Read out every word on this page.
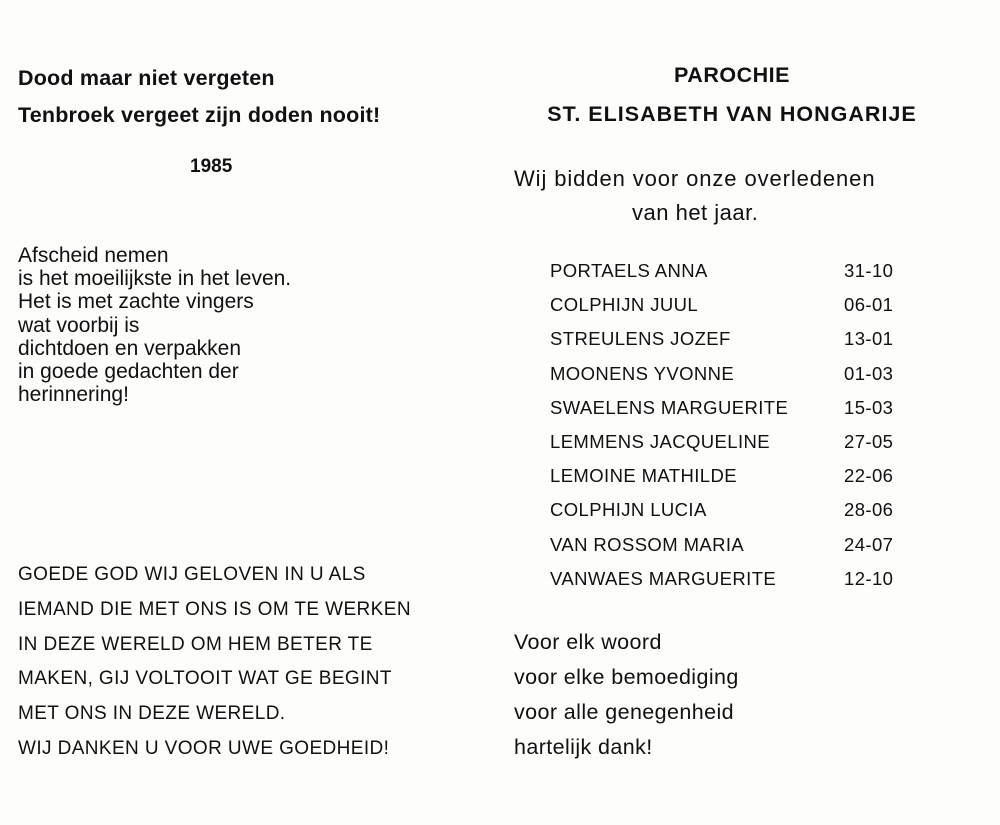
Dood maar niet vergeten
Tenbroek vergeet zijn doden nooit!
1985
Afscheid nemen
is het moeilijkste in het leven.
Het is met zachte vingers
wat voorbij is
dichtdoen en verpakken
in goede gedachten der
herinnering!
GOEDE GOD WIJ GELOVEN IN U ALS
IEMAND DIE MET ONS IS OM TE WERKEN
IN DEZE WERELD OM HEM BETER TE
MAKEN, GIJ VOLTOOIT WAT GE BEGINT
MET ONS IN DEZE WERELD.
WIJ DANKEN U VOOR UWE GOEDHEID!
PAROCHIE
ST. ELISABETH VAN HONGARIJE
Wij bidden voor onze overledenen
van het jaar.
PORTAELS ANNA	31-10
COLPHIJN JUUL	06-01
STREULENS JOZEF	13-01
MOONENS YVONNE	01-03
SWAELENS MARGUERITE	15-03
LEMMENS JACQUELINE	27-05
LEMOINE MATHILDE	22-06
COLPHIJN LUCIA	28-06
VAN ROSSOM MARIA	24-07
VANWAES MARGUERITE	12-10
Voor elk woord
voor elke bemoediging
voor alle genegenheid
hartelijk dank!
